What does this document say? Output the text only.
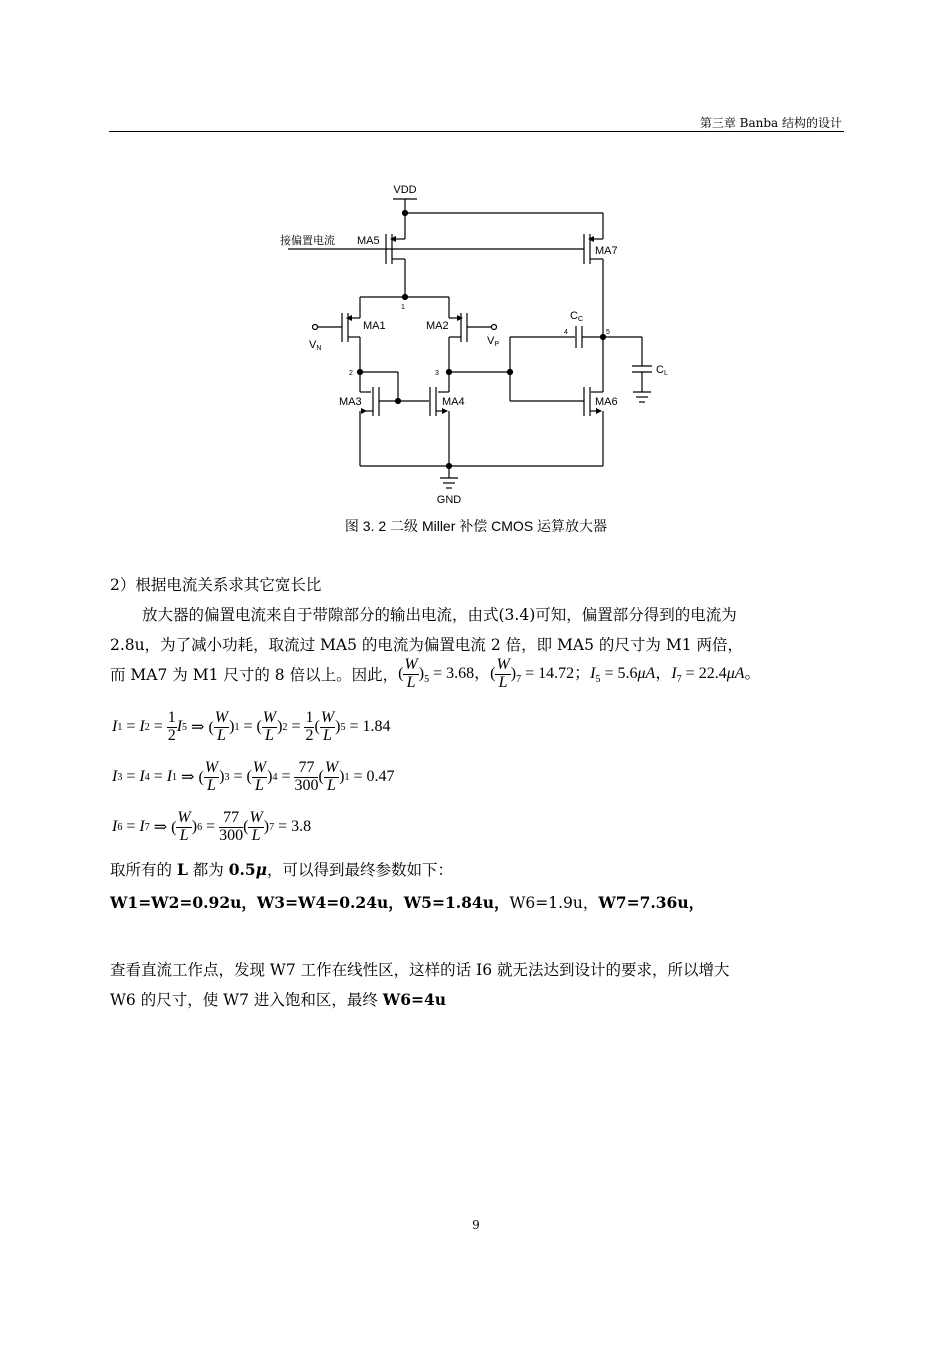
第三章 Banba 结构的设计
VDD
MA5
接偏置电流
MA7
1
MA1
VN
MA2
VP
2	3
MA3	MA4
CC
4	5
MA6
CL
GND
图 3. 2 二级 Miller 补偿 CMOS 运算放大器
2）根据电流关系求其它宽长比
放大器的偏置电流来自于带隙部分的输出电流，由式(3.4)可知，偏置部分得到的电流为
2.8u，为了减小功耗，取流过 MA5 的电流为偏置电流 2 倍，即 MA5 的尺寸为 M1 两倍，
而 MA7 为 M1 尺寸的 8 倍以上。因此， ( $\frac{W}{L} )_5 = 3.68$，( $\frac{W}{L} )_7 = 14.72$；$I_5 = 5.6\mu A$，$I_7 = 22.4\mu A$。
I 1 = I $2 = \frac{1}{2}$ I 5 ⇒ ( $\frac{W}{L}$ ) 1 = ( $\frac{W}{L}$ ) $2 = \frac{1}{2}$ ( $\frac{W}{L}$ ) 5 = 1.84
I 3 = I 4 = I 1 ⇒ ( $\frac{W}{L}$ ) 3 = ( $\frac{W}{L}$ ) $4 = \frac{77}{300}$ ( $\frac{W}{L}$ ) 1 = 0.47
I 6 = I 7 ⇒ ( $\frac{W}{L}$ ) $6 = \frac{77}{300}$ ( $\frac{W}{L}$ ) 7 = 3.8
取所有的 L 都为 0.5μ，可以得到最终参数如下：
W1=W2=0.92u，W3=W4=0.24u，W5=1.84u，W6=1.9u，W7=7.36u，
查看直流工作点，发现 W7 工作在线性区，这样的话 I6 就无法达到设计的要求，所以增大
W6 的尺寸，使 W7 进入饱和区，最终 W6=4u
9
